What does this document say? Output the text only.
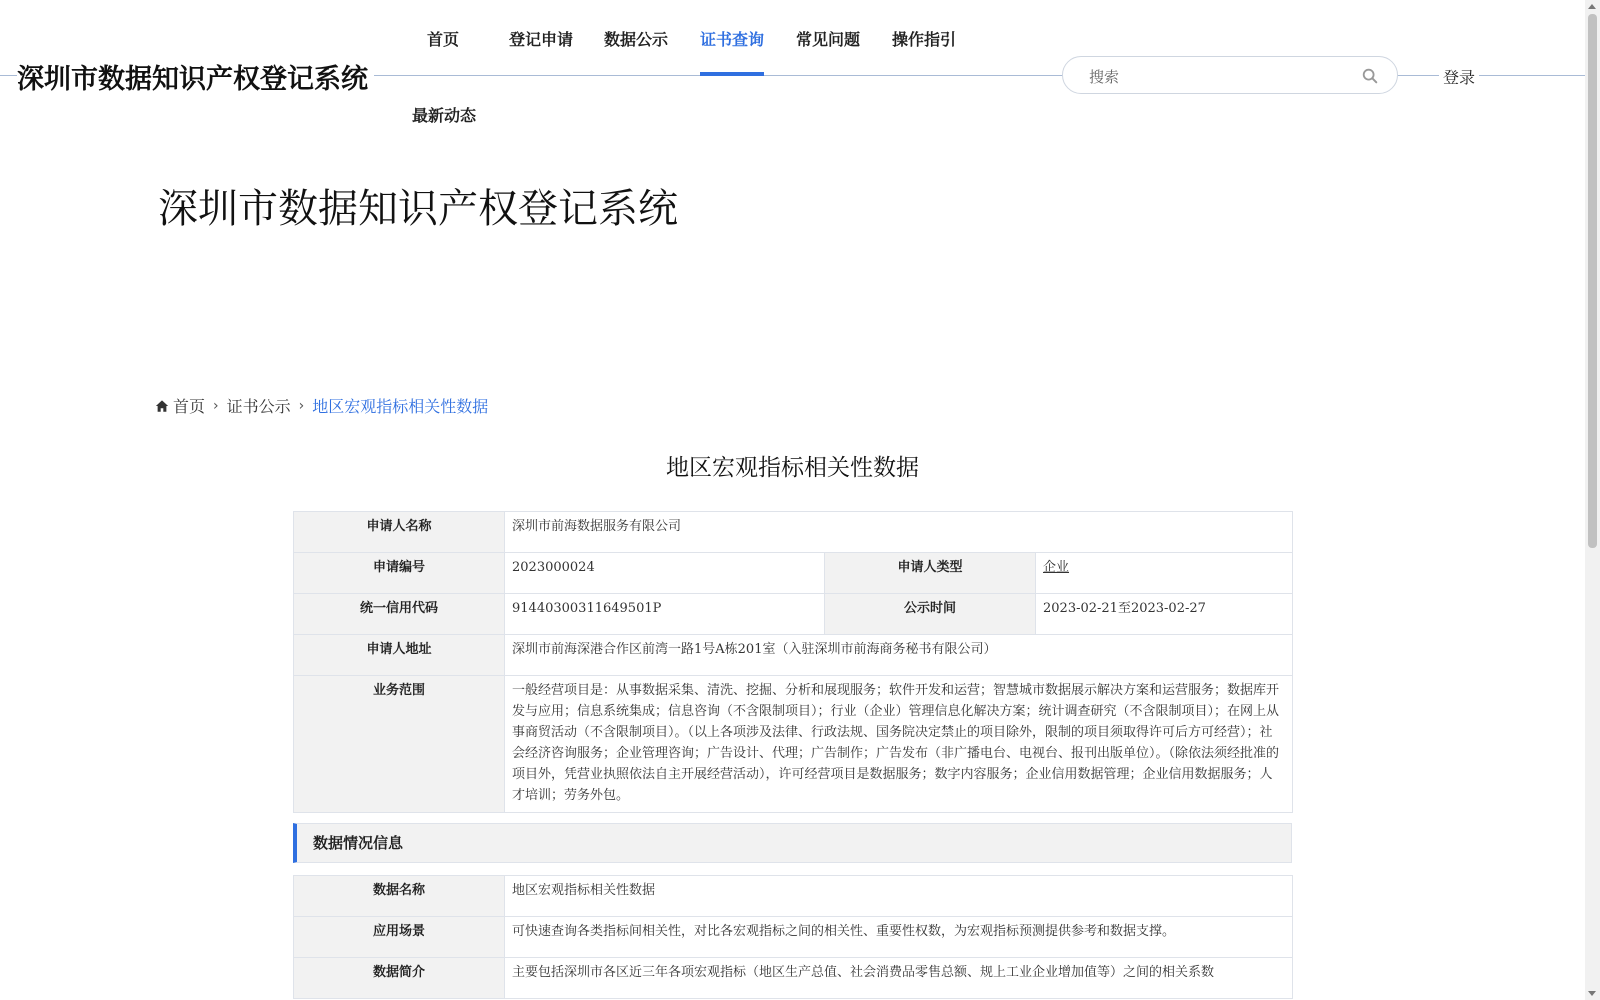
深圳市数据知识产权登记系统
首页	登记申请 数据公示 证书查询 常见问题 操作指引
最新动态
搜索
登录
深圳市数据知识产权登记系统
首页 › 证书公示 › 地区宏观指标相关性数据
地区宏观指标相关性数据
申请人名称	深圳市前海数据服务有限公司		
申请编号	2023000024	申请人类型	企业
统一信用代码	91440300311649501P	公示时间	2023-02-21至2023-02-27
申请人地址	深圳市前海深港合作区前湾一路1号A栋201室（入驻深圳市前海商务秘书有限公司）		
业务范围	一般经营项目是：从事数据采集、清洗、挖掘、分析和展现服务；软件开发和运营；智慧城市数据展示解决方案和运营服务；数据库开发与应用；信息系统集成；信息咨询（不含限制项目）；行业（企业）管理信息化解决方案；统计调查研究（不含限制项目）；在网上从事商贸活动（不含限制项目）。（以上各项涉及法律、行政法规、国务院决定禁止的项目除外，限制的项目须取得许可后方可经营）；社会经济咨询服务；企业管理咨询；广告设计、代理；广告制作；广告发布（非广播电台、电视台、报刊出版单位）。（除依法须经批准的项目外，凭营业执照依法自主开展经营活动），许可经营项目是数据服务；数字内容服务；企业信用数据管理；企业信用数据服务；人才培训；劳务外包。		
数据情况信息
数据名称	地区宏观指标相关性数据
应用场景	可快速查询各类指标间相关性，对比各宏观指标之间的相关性、重要性权数，为宏观指标预测提供参考和数据支撑。
数据简介	主要包括深圳市各区近三年各项宏观指标（地区生产总值、社会消费品零售总额、规上工业企业增加值等）之间的相关系数
